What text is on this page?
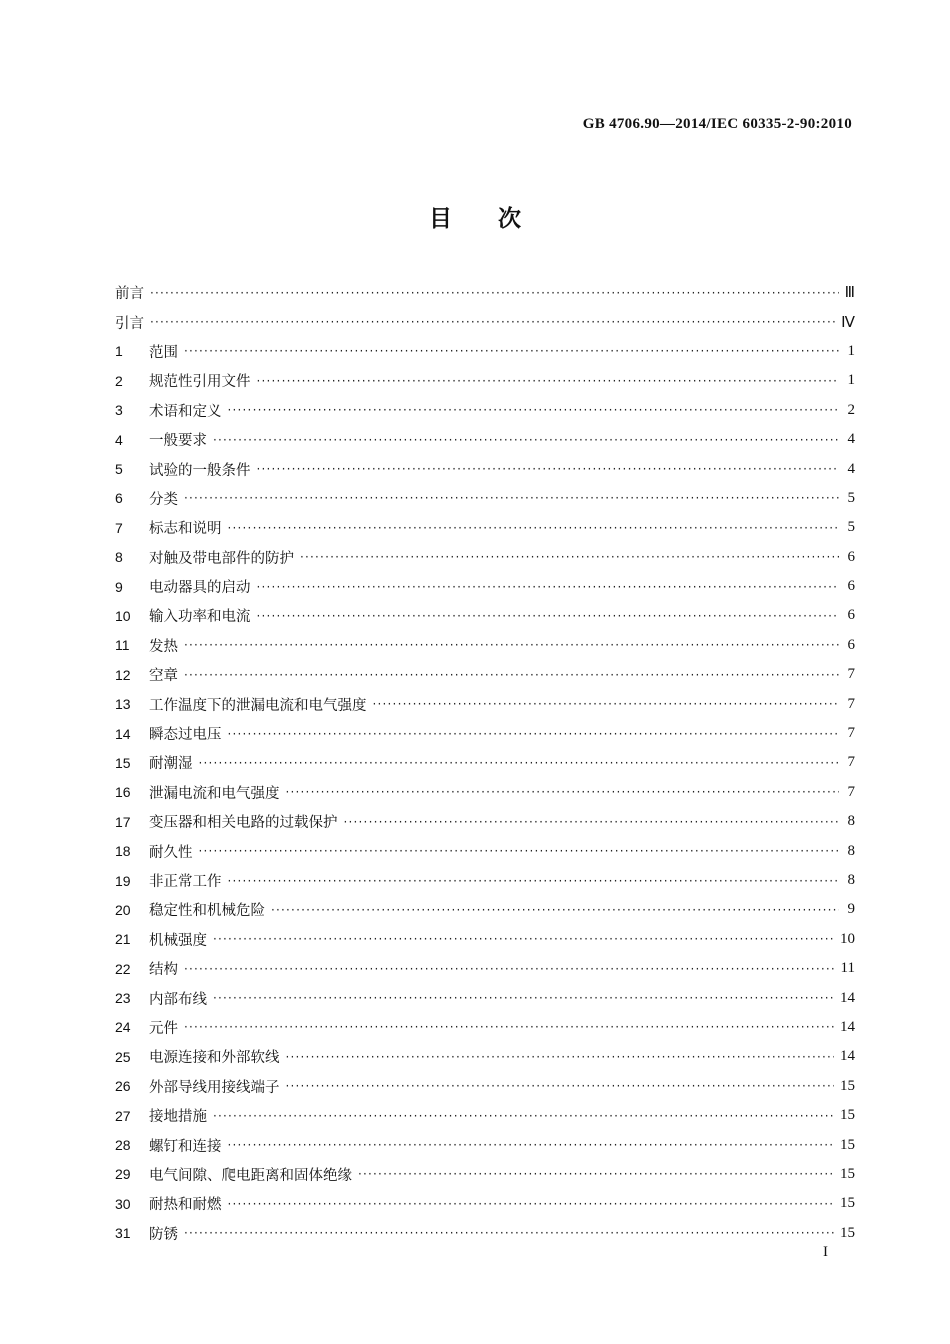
GB 4706.90—2014/IEC 60335-2-90:2010
目次
前言 ·····	Ⅲ
引言 ·····	Ⅳ
1	范围 ·····	1
2	规范性引用文件 ·····	1
3	术语和定义 ·····	2
4	一般要求 ·····	4
5	试验的一般条件 ·····	4
6	分类 ·····	5
7	标志和说明 ·····	5
8	对触及带电部件的防护 ·····	6
9	电动器具的启动 ·····	6
10	输入功率和电流 ·····	6
11	发热 ·····	6
12	空章 ·····	7
13	工作温度下的泄漏电流和电气强度 ·····	7
14	瞬态过电压 ·····	7
15	耐潮湿 ·····	7
16	泄漏电流和电气强度 ·····	7
17	变压器和相关电路的过载保护 ·····	8
18	耐久性 ·····	8
19	非正常工作 ·····	8
20	稳定性和机械危险 ·····	9
21	机械强度 ·····	10
22	结构 ·····	11
23	内部布线 ·····	14
24	元件 ·····	14
25	电源连接和外部软线 ·····	14
26	外部导线用接线端子 ·····	15
27	接地措施 ·····	15
28	螺钉和连接 ·····	15
29	电气间隙、爬电距离和固体绝缘 ·····	15
30	耐热和耐燃 ·····	15
31	防锈 ·····	15
I
